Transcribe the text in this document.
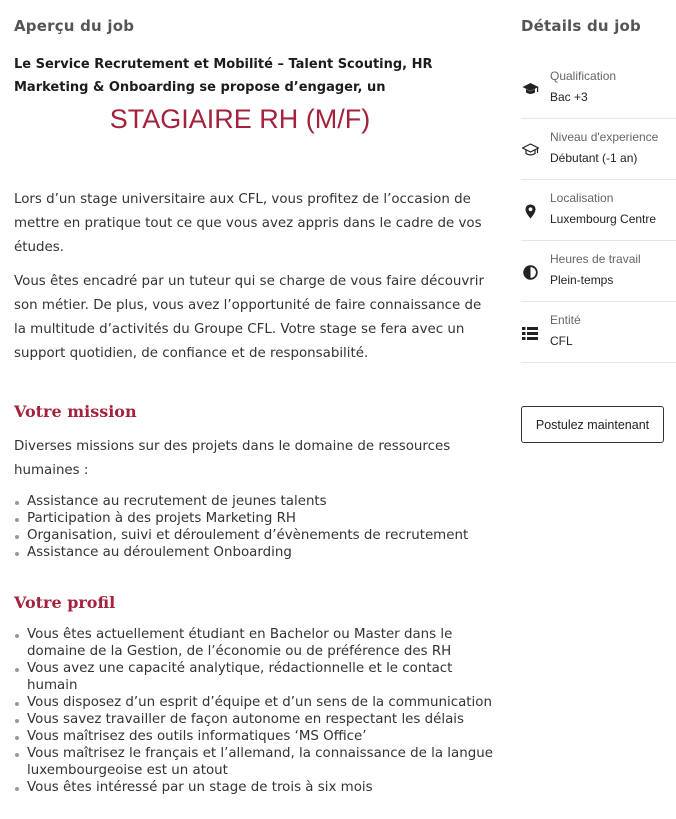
Aperçu du job

Le Service Recrutement et Mobilité – Talent Scouting, HR Marketing & Onboarding se propose d’engager, un

STAGIAIRE RH (M/F)

Lors d’un stage universitaire aux CFL, vous profitez de l’occasion de mettre en pratique tout ce que vous avez appris dans le cadre de vos études.

Vous êtes encadré par un tuteur qui se charge de vous faire découvrir son métier. De plus, vous avez l’opportunité de faire connaissance de la multitude d’activités du Groupe CFL. Votre stage se fera avec un support quotidien, de confiance et de responsabilité.

Votre mission

Diverses missions sur des projets dans le domaine de ressources humaines :

Assistance au recrutement de jeunes talents
Participation à des projets Marketing RH
Organisation, suivi et déroulement d’évènements de recrutement
Assistance au déroulement Onboarding
Votre profil
Vous êtes actuellement étudiant en Bachelor ou Master dans le domaine de la Gestion, de l’économie ou de préférence des RH
Vous avez une capacité analytique, rédactionnelle et le contact humain
Vous disposez d’un esprit d’équipe et d’un sens de la communication
Vous savez travailler de façon autonome en respectant les délais
Vous maîtrisez des outils informatiques ‘MS Office’
Vous maîtrisez le français et l’allemand, la connaissance de la langue luxembourgeoise est un atout
Vous êtes intéressé par un stage de trois à six mois
Détails du job
Qualification
Bac +3
Niveau d'experience
Débutant (-1 an)
Localisation
Luxembourg Centre
Heures de travail
Plein-temps
Entité
CFL
Postulez maintenant
